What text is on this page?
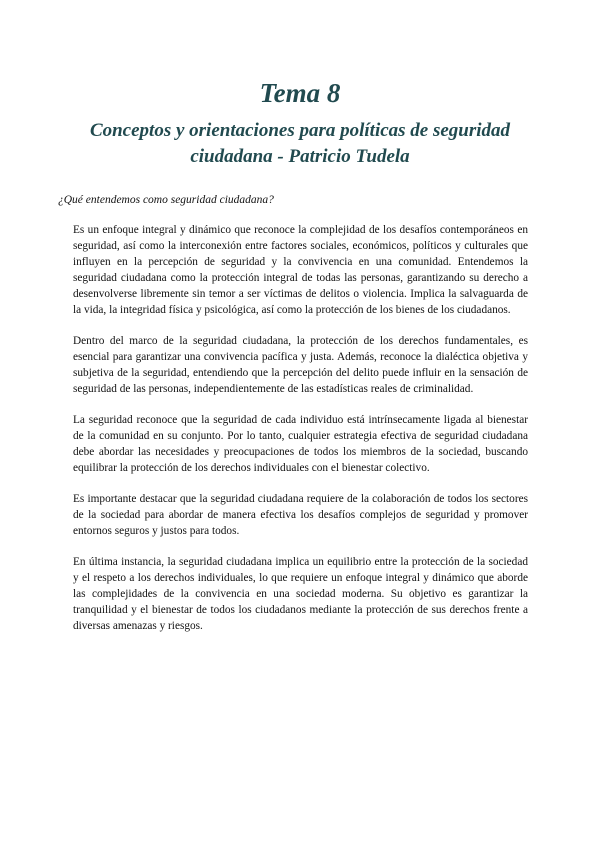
Tema 8
Conceptos y orientaciones para políticas de seguridad ciudadana - Patricio Tudela

¿Qué entendemos como seguridad ciudadana?

Es un enfoque integral y dinámico que reconoce la complejidad de los desafíos contemporáneos en seguridad, así como la interconexión entre factores sociales, económicos, políticos y culturales que influyen en la percepción de seguridad y la convivencia en una comunidad. Entendemos la seguridad ciudadana como la protección integral de todas las personas, garantizando su derecho a desenvolverse libremente sin temor a ser víctimas de delitos o violencia. Implica la salvaguarda de la vida, la integridad física y psicológica, así como la protección de los bienes de los ciudadanos.

Dentro del marco de la seguridad ciudadana, la protección de los derechos fundamentales, es esencial para garantizar una convivencia pacífica y justa. Además, reconoce la dialéctica objetiva y subjetiva de la seguridad, entendiendo que la percepción del delito puede influir en la sensación de seguridad de las personas, independientemente de las estadísticas reales de criminalidad.

La seguridad reconoce que la seguridad de cada individuo está intrínsecamente ligada al bienestar de la comunidad en su conjunto. Por lo tanto, cualquier estrategia efectiva de seguridad ciudadana debe abordar las necesidades y preocupaciones de todos los miembros de la sociedad, buscando equilibrar la protección de los derechos individuales con el bienestar colectivo.

Es importante destacar que la seguridad ciudadana requiere de la colaboración de todos los sectores de la sociedad para abordar de manera efectiva los desafíos complejos de seguridad y promover entornos seguros y justos para todos.

En última instancia, la seguridad ciudadana implica un equilibrio entre la protección de la sociedad y el respeto a los derechos individuales, lo que requiere un enfoque integral y dinámico que aborde las complejidades de la convivencia en una sociedad moderna. Su objetivo es garantizar la tranquilidad y el bienestar de todos los ciudadanos mediante la protección de sus derechos frente a diversas amenazas y riesgos.
